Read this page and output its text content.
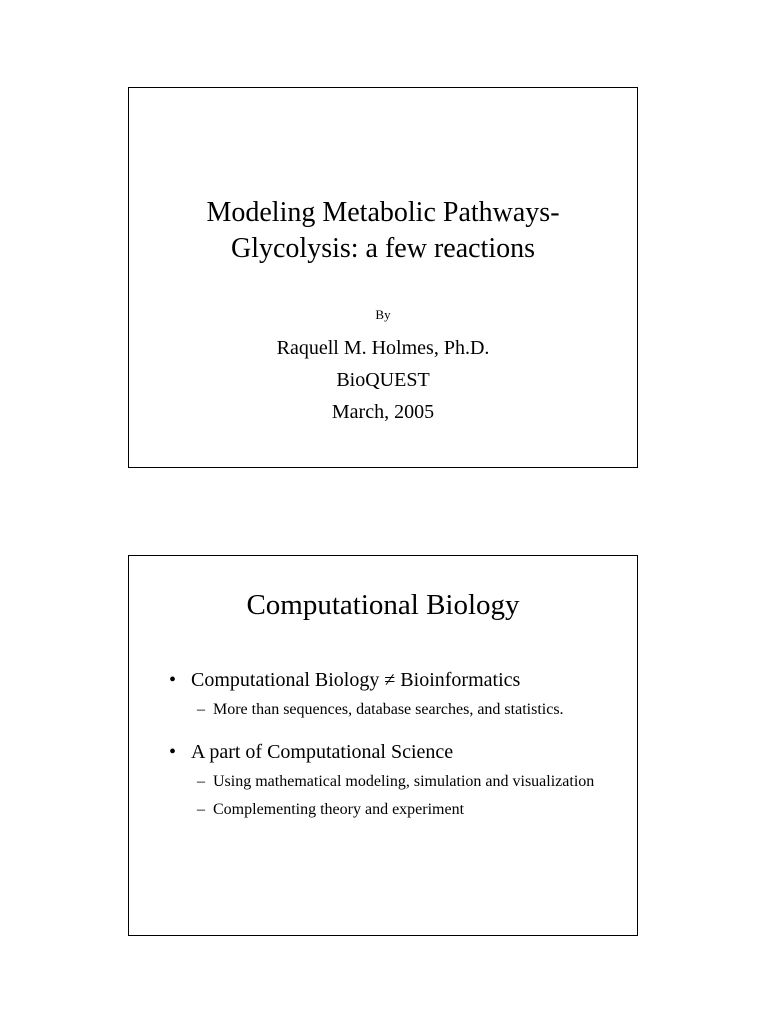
Modeling Metabolic Pathways-
Glycolysis: a few reactions
By
Raquell M. Holmes, Ph.D.
BioQUEST
March, 2005
Computational Biology
• Computational Biology ≠ Bioinformatics
– More than sequences, database searches, and statistics.
• A part of Computational Science
– Using mathematical modeling, simulation and visualization
– Complementing theory and experiment
